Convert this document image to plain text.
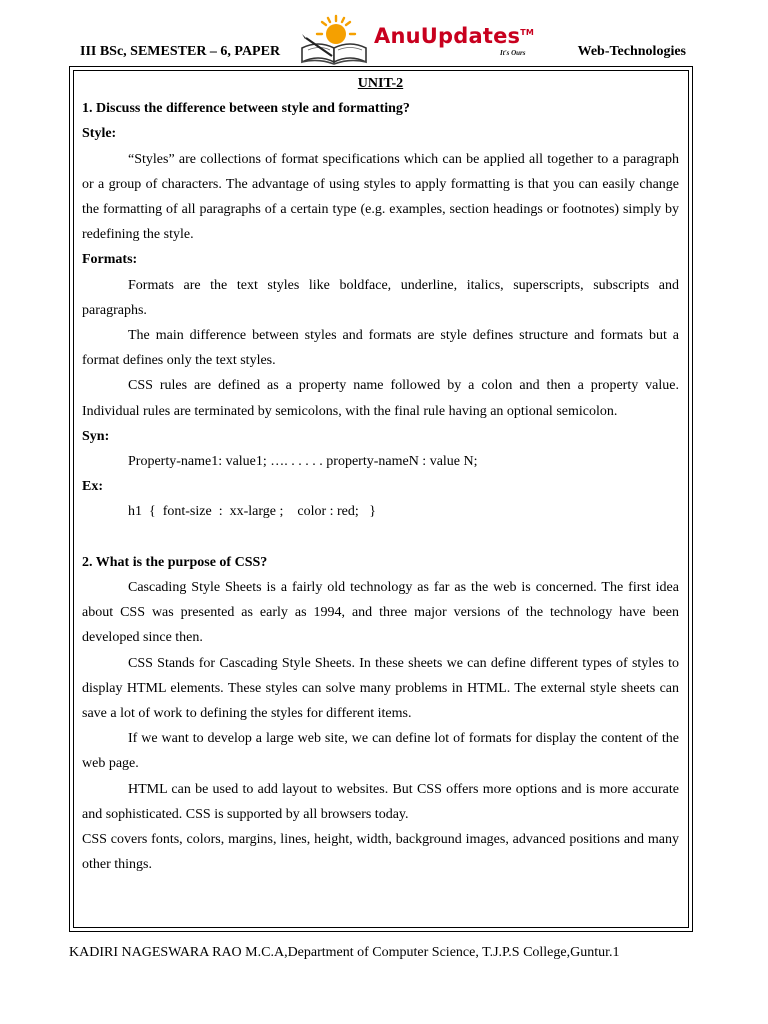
III BSc, SEMESTER – 6, PAPER
AnuUpdates™
It's Ours	Web-Technologies

UNIT-2

1. Discuss the difference between style and formatting?

Style:

“Styles” are collections of format specifications which can be applied all together to a paragraph or a group of characters. The advantage of using styles to apply formatting is that you can easily change the formatting of all paragraphs of a certain type (e.g. examples, section headings or footnotes) simply by redefining the style.

Formats:

Formats are the text styles like boldface, underline, italics, superscripts, subscripts and paragraphs.

The main difference between styles and formats are style defines structure and formats but a format defines only the text styles.

CSS rules are defined as a property name followed by a colon and then a property value. Individual rules are terminated by semicolons, with the final rule having an optional semicolon.

Syn:

Property-name1: value1; …. . . . . . property-nameN : value N;

Ex:

h1  {  font-size  :  xx-large ;    color : red;   }

2. What is the purpose of CSS?

Cascading Style Sheets is a fairly old technology as far as the web is concerned. The first idea about CSS was presented as early as 1994, and three major versions of the technology have been developed since then.

CSS Stands for Cascading Style Sheets. In these sheets we can define different types of styles to display HTML elements. These styles can solve many problems in HTML. The external style sheets can save a lot of work to defining the styles for different items.

If we want to develop a large web site, we can define lot of formats for display the content of the web page.

HTML can be used to add layout to websites. But CSS offers more options and is more accurate and sophisticated. CSS is supported by all browsers today.

CSS covers fonts, colors, margins, lines, height, width, background images, advanced positions and many other things.

KADIRI NAGESWARA RAO M.C.A,Department of Computer Science, T.J.P.S College,Guntur.1
